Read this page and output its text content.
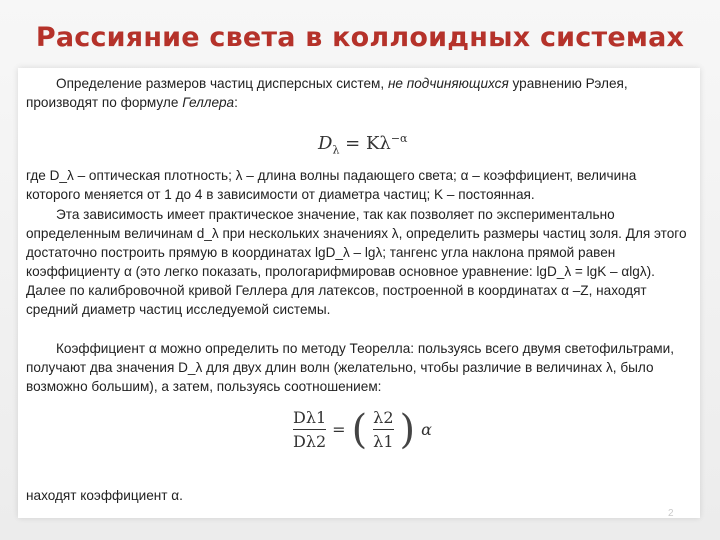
Рассияние света в коллоидных системах
Определение размеров частиц дисперсных систем, не подчиняющихся уравнению Рэлея, производят по формуле Геллера:
$D_\lambda = K\lambda^{-\alpha}$
где D_λ – оптическая плотность; λ – длина волны падающего света; α – коэффициент, величина которого меняется от 1 до 4 в зависимости от диаметра частиц; K – постоянная.
Эта зависимость имеет практическое значение, так как позволяет по экспериментально определенным величинам d_λ при нескольких значениях λ, определить размеры частиц золя. Для этого достаточно построить прямую в координатах lgD_λ – lgλ; тангенс угла наклона прямой равен коэффициенту α (это легко показать, прологарифмировав основное уравнение: lgD_λ = lgK – αlgλ). Далее по калибровочной кривой Геллера для латексов, построенной в координатах α –Z, находят средний диаметр частиц исследуемой системы.
Коэффициент α можно определить по методу Теорелла: пользуясь всего двумя светофильтрами, получают два значения D_λ для двух длин волн (желательно, чтобы различие в величинах λ, было возможно большим), а затем, пользуясь соотношением:
$\frac{D\lambda 1}{D\lambda 2}$ = ( $\frac{\lambda 2}{\lambda 1}$ ) α
находят коэффициент α.
2
